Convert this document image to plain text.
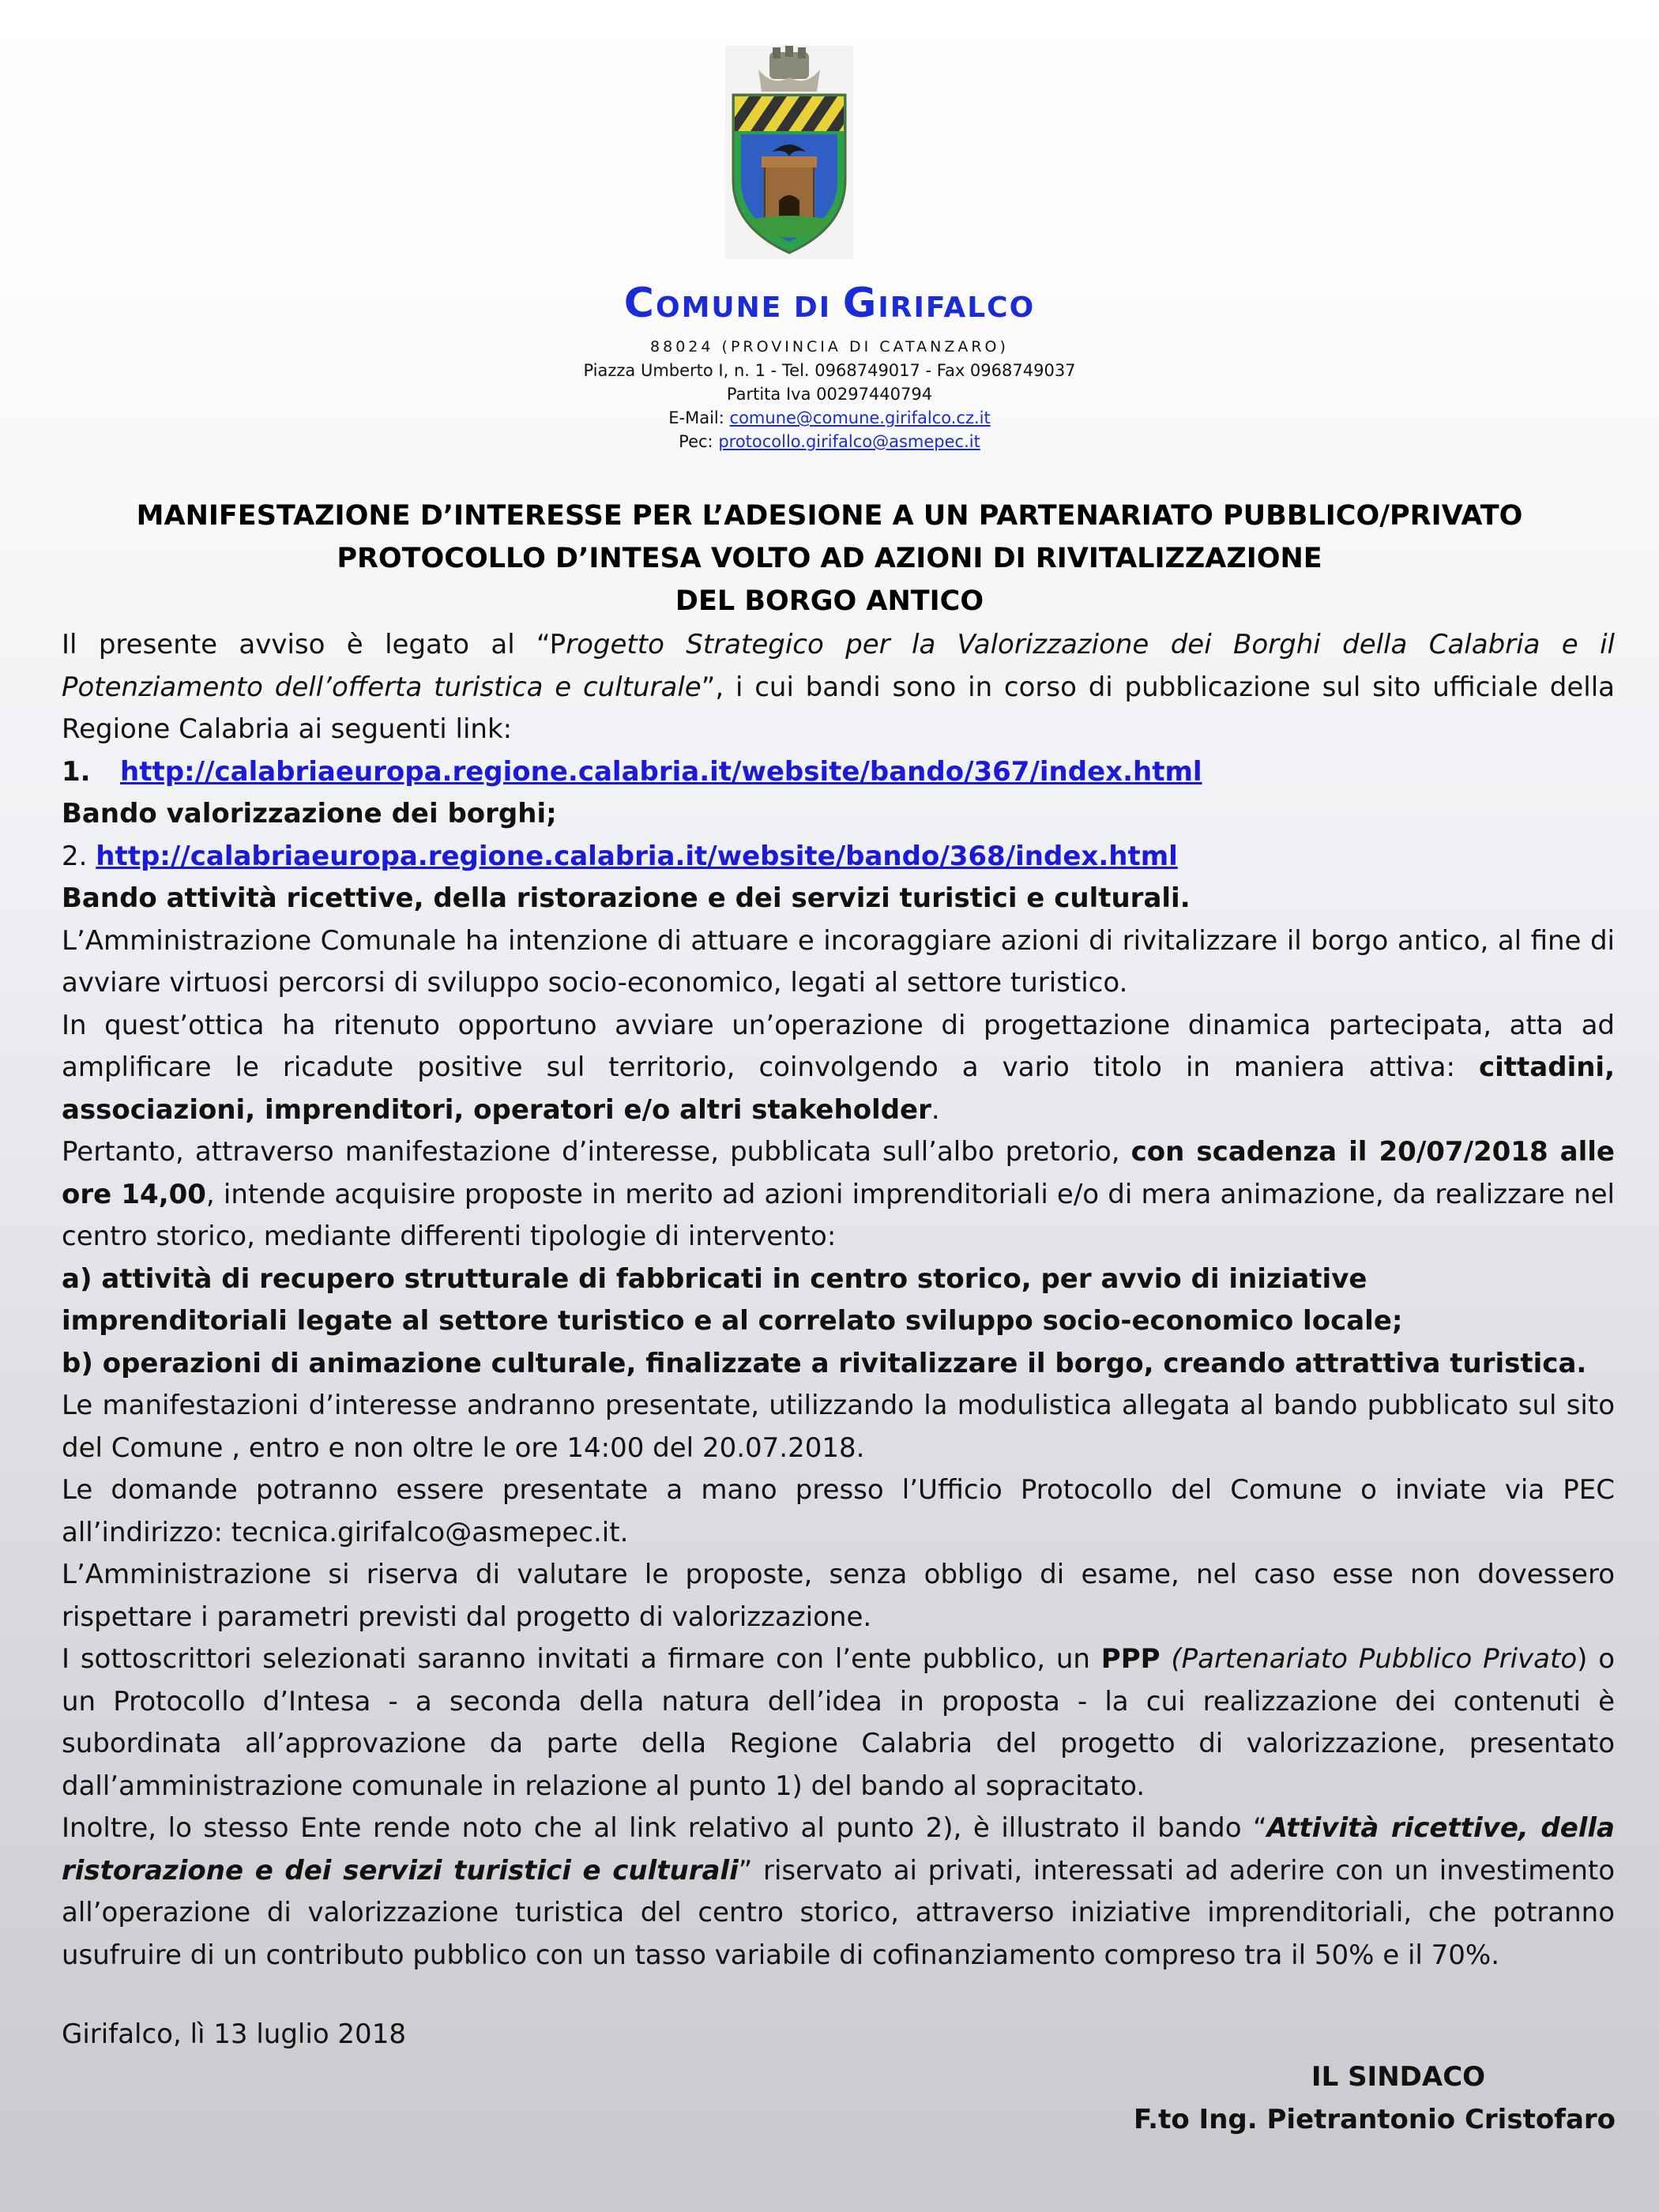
COMUNE DI GIRIFALCO
88024 (PROVINCIA DI CATANZARO)
Piazza Umberto I, n. 1 - Tel. 0968749017 - Fax 0968749037
Partita Iva 00297440794
E-Mail: comune@comune.girifalco.cz.it
Pec: protocollo.girifalco@asmepec.it
MANIFESTAZIONE D’INTERESSE PER L’ADESIONE A UN PARTENARIATO PUBBLICO/PRIVATO
PROTOCOLLO D’INTESA VOLTO AD AZIONI DI RIVITALIZZAZIONE
DEL BORGO ANTICO

Il presente avviso è legato al “Progetto Strategico per la Valorizzazione dei Borghi della Calabria e il Potenziamento dell’offerta turistica e culturale”, i cui bandi sono in corso di pubblicazione sul sito ufficiale della Regione Calabria ai seguenti link:

1. http://calabriaeuropa.regione.calabria.it/website/bando/367/index.html

Bando valorizzazione dei borghi;

2. http://calabriaeuropa.regione.calabria.it/website/bando/368/index.html

Bando attività ricettive, della ristorazione e dei servizi turistici e culturali.

L’Amministrazione Comunale ha intenzione di attuare e incoraggiare azioni di rivitalizzare il borgo antico, al fine di avviare virtuosi percorsi di sviluppo socio-economico, legati al settore turistico.

In quest’ottica ha ritenuto opportuno avviare un’operazione di progettazione dinamica partecipata, atta ad amplificare le ricadute positive sul territorio, coinvolgendo a vario titolo in maniera attiva: cittadini, associazioni, imprenditori, operatori e/o altri stakeholder.

Pertanto, attraverso manifestazione d’interesse, pubblicata sull’albo pretorio, con scadenza il 20/07/2018 alle ore 14,00, intende acquisire proposte in merito ad azioni imprenditoriali e/o di mera animazione, da realizzare nel centro storico, mediante differenti tipologie di intervento:

a) attività di recupero strutturale di fabbricati in centro storico, per avvio di iniziative

imprenditoriali legate al settore turistico e al correlato sviluppo socio-economico locale;

b) operazioni di animazione culturale, finalizzate a rivitalizzare il borgo, creando attrattiva turistica.

Le manifestazioni d’interesse andranno presentate, utilizzando la modulistica allegata al bando pubblicato sul sito del Comune , entro e non oltre le ore 14:00 del 20.07.2018.

Le domande potranno essere presentate a mano presso l’Ufficio Protocollo del Comune o inviate via PEC all’indirizzo: tecnica.girifalco@asmepec.it.

L’Amministrazione si riserva di valutare le proposte, senza obbligo di esame, nel caso esse non dovessero rispettare i parametri previsti dal progetto di valorizzazione.

I sottoscrittori selezionati saranno invitati a firmare con l’ente pubblico, un PPP (Partenariato Pubblico Privato) o un Protocollo d’Intesa - a seconda della natura dell’idea in proposta - la cui realizzazione dei contenuti è subordinata all’approvazione da parte della Regione Calabria del progetto di valorizzazione, presentato dall’amministrazione comunale in relazione al punto 1) del bando al sopracitato.

Inoltre, lo stesso Ente rende noto che al link relativo al punto 2), è illustrato il bando “Attività ricettive, della ristorazione e dei servizi turistici e culturali” riservato ai privati, interessati ad aderire con un investimento all’operazione di valorizzazione turistica del centro storico, attraverso iniziative imprenditoriali, che potranno usufruire di un contributo pubblico con un tasso variabile di cofinanziamento compreso tra il 50% e il 70%.

Girifalco, lì 13 luglio 2018
IL SINDACO
F.to Ing. Pietrantonio Cristofaro
